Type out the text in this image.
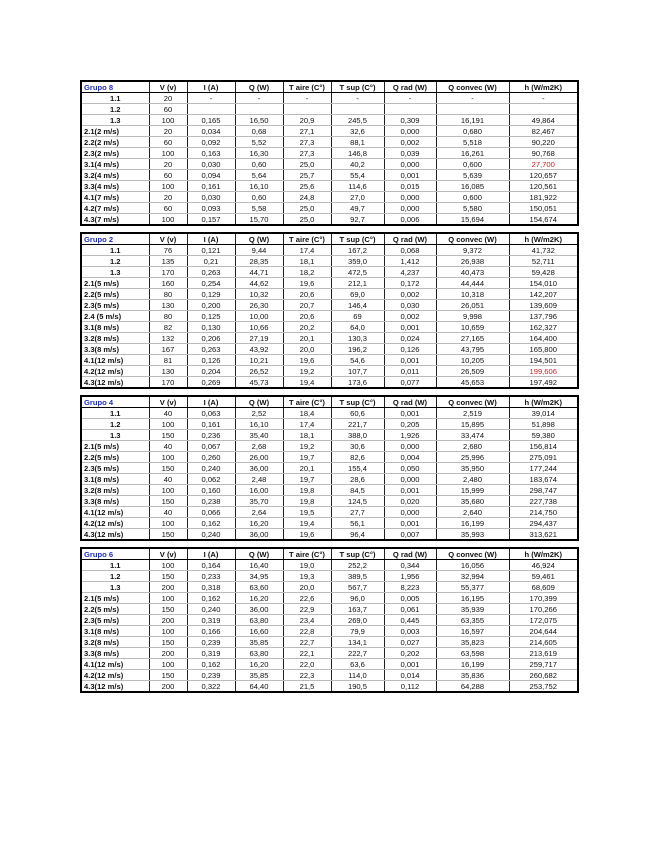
Grupo 8	V (v)	I (A)	Q (W)	T aire (C°)	T sup (C°)	Q rad (W)	Q convec (W)	h (W/m2K)
1.1	20	-	-	-	-	-	-	-
1.2	60							
1.3	100	0,165	16,50	20,9	245,5	0,309	16,191	49,864
2.1(2 m/s)	20	0,034	0,68	27,1	32,6	0,000	0,680	82,467
2.2(2 m/s)	60	0,092	5,52	27,3	88,1	0,002	5,518	90,220
2.3(2 m/s)	100	0,163	16,30	27,3	146,8	0,039	16,261	90,768
3.1(4 m/s)	20	0,030	0,60	25,0	40,2	0,000	0,600	27,700
3.2(4 m/s)	60	0,094	5,64	25,7	55,4	0,001	5,639	120,657
3.3(4 m/s)	100	0,161	16,10	25,6	114,6	0,015	16,085	120,561
4.1(7 m/s)	20	0,030	0,60	24,8	27,0	0,000	0,600	181,922
4.2(7 m/s)	60	0,093	5,58	25,0	49,7	0,000	5,580	150,051
4.3(7 m/s)	100	0,157	15,70	25,0	92,7	0,006	15,694	154,674
Grupo 2	V (v)	I (A)	Q (W)	T aire (C°)	T sup (C°)	Q rad (W)	Q convec (W)	h (W/m2K)
1.1	76	0,121	9,44	17,4	167,2	0,068	9,372	41,732
1.2	135	0,21	28,35	18,1	359,0	1,412	26,938	52,711
1.3	170	0,263	44,71	18,2	472,5	4,237	40,473	59,428
2.1(5 m/s)	160	0,254	44,62	19,6	212,1	0,172	44,444	154,010
2.2(5 m/s)	80	0,129	10,32	20,6	69,0	0,002	10,318	142,207
2.3(5 m/s)	130	0,200	26,30	20,7	146,4	0,030	26,051	139,609
2.4 (5 m/s)	80	0,125	10,00	20,6	69	0,002	9,998	137,796
3.1(8 m/s)	82	0,130	10,66	20,2	64,0	0,001	10,659	162,327
3.2(8 m/s)	132	0,206	27,19	20,1	130,3	0,024	27,165	164,400
3.3(8 m/s)	167	0,263	43,92	20,0	196,2	0,126	43,795	165,800
4.1(12 m/s)	81	0,126	10,21	19,6	54,6	0,001	10,205	194,501
4.2(12 m/s)	130	0,204	26,52	19,2	107,7	0,011	26,509	199,606
4.3(12 m/s)	170	0,269	45,73	19,4	173,6	0,077	45,653	197,492
Grupo 4	V (v)	I (A)	Q (W)	T aire (C°)	T sup (C°)	Q rad (W)	Q convec (W)	h (W/m2K)
1.1	40	0,063	2,52	18,4	60,6	0,001	2,519	39,014
1.2	100	0,161	16,10	17,4	221,7	0,205	15,895	51,898
1.3	150	0,236	35,40	18,1	388,0	1,926	33,474	59,380
2.1(5 m/s)	40	0,067	2,68	19,2	30,6	0,000	2,680	156,814
2.2(5 m/s)	100	0,260	26,00	19,7	82,6	0,004	25,996	275,091
2.3(5 m/s)	150	0,240	36,00	20,1	155,4	0,050	35,950	177,244
3.1(8 m/s)	40	0,062	2,48	19,7	28,6	0,000	2,480	183,674
3.2(8 m/s)	100	0,160	16,00	19,8	84,5	0,001	15,999	298,747
3.3(8 m/s)	150	0,238	35,70	19,8	124,5	0,020	35,680	227,738
4.1(12 m/s)	40	0,066	2,64	19,5	27,7	0,000	2,640	214,750
4.2(12 m/s)	100	0,162	16,20	19,4	56,1	0,001	16,199	294,437
4.3(12 m/s)	150	0,240	36,00	19,6	96,4	0,007	35,993	313,621
Grupo 6	V (v)	I (A)	Q (W)	T aire (C°)	T sup (C°)	Q rad (W)	Q convec (W)	h (W/m2K)
1.1	100	0,164	16,40	19,0	252,2	0,344	16,056	46,924
1.2	150	0,233	34,95	19,3	389,5	1,956	32,994	59,461
1.3	200	0,318	63,60	20,0	567,7	8,223	55,377	68,609
2.1(5 m/s)	100	0,162	16,20	22,6	96,0	0,005	16,195	170,399
2.2(5 m/s)	150	0,240	36,00	22,9	163,7	0,061	35,939	170,266
2.3(5 m/s)	200	0,319	63,80	23,4	269,0	0,445	63,355	172,075
3.1(8 m/s)	100	0,166	16,60	22,8	79,9	0,003	16,597	204,644
3.2(8 m/s)	150	0,239	35,85	22,7	134,1	0,027	35,823	214,605
3.3(8 m/s)	200	0,319	63,80	22,1	222,7	0,202	63,598	213,619
4.1(12 m/s)	100	0,162	16,20	22,0	63,6	0,001	16,199	259,717
4.2(12 m/s)	150	0,239	35,85	22,3	114,0	0,014	35,836	260,682
4.3(12 m/s)	200	0,322	64,40	21,5	190,5	0,112	64,288	253,752
